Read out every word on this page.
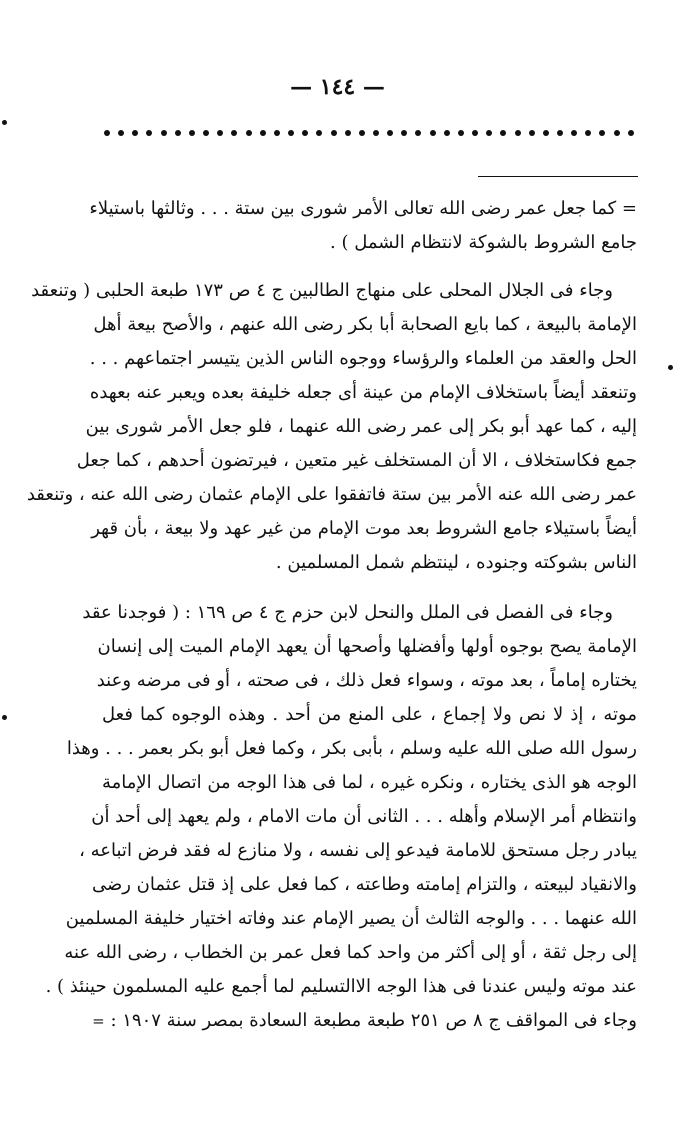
— ١٤٤ —
= كما جعل عمر رضى الله تعالى الأمر شورى بين ستة . . . وثالثها باستيلاء
جامع الشروط بالشوكة لانتظام الشمل ) .
وجاء فى الجلال المحلى على منهاج الطالبين ج ٤ ص ١٧٣ طبعة الحلبى ( وتنعقد
الإمامة بالبيعة ، كما بايع الصحابة أبا بكر رضى الله عنهم ، والأصح بيعة أهل
الحل والعقد من العلماء والرؤساء ووجوه الناس الذين يتيسر اجتماعهم . . .
وتنعقد أيضاً باستخلاف الإمام من عينة أى جعله خليفة بعده ويعبر عنه بعهده
إليه ، كما عهد أبو بكر إلى عمر رضى الله عنهما ، فلو جعل الأمر شورى بين
جمع فكاستخلاف ، الا أن المستخلف غير متعين ، فيرتضون أحدهم ، كما جعل
عمر رضى الله عنه الأمر بين ستة فاتفقوا على الإمام عثمان رضى الله عنه ، وتنعقد
أيضاً باستيلاء جامع الشروط بعد موت الإمام من غير عهد ولا بيعة ، بأن قهر
الناس بشوكته وجنوده ، لينتظم شمل المسلمين .
وجاء فى الفصل فى الملل والنحل لابن حزم ج ٤ ص ١٦٩ : ( فوجدنا عقد
الإمامة يصح بوجوه أولها وأفضلها وأصحها أن يعهد الإمام الميت إلى إنسان
يختاره إماماً ، بعد موته ، وسواء فعل ذلك ، فى صحته ، أو فى مرضه وعند
موته ، إذ لا نص ولا إجماع ، على المنع من أحد . وهذه الوجوه كما فعل
رسول الله صلى الله عليه وسلم ، بأبى بكر ، وكما فعل أبو بكر بعمر . . . وهذا
الوجه هو الذى يختاره ، ونكره غيره ، لما فى هذا الوجه من اتصال الإمامة
وانتظام أمر الإسلام وأهله . . . الثانى أن مات الامام ، ولم يعهد إلى أحد أن
يبادر رجل مستحق للامامة فيدعو إلى نفسه ، ولا منازع له فقد فرض اتباعه ،
والانقياد لبيعته ، والتزام إمامته وطاعته ، كما فعل على إذ قتل عثمان رضى
الله عنهما . . . والوجه الثالث أن يصير الإمام عند وفاته اختيار خليفة المسلمين
إلى رجل ثقة ، أو إلى أكثر من واحد كما فعل عمر بن الخطاب ، رضى الله عنه
عند موته وليس عندنا فى هذا الوجه الاالتسليم لما أجمع عليه المسلمون حينئذ ) .
وجاء فى المواقف ج ٨ ص ٢٥١ طبعة مطبعة السعادة بمصر سنة ١٩٠٧ : =
